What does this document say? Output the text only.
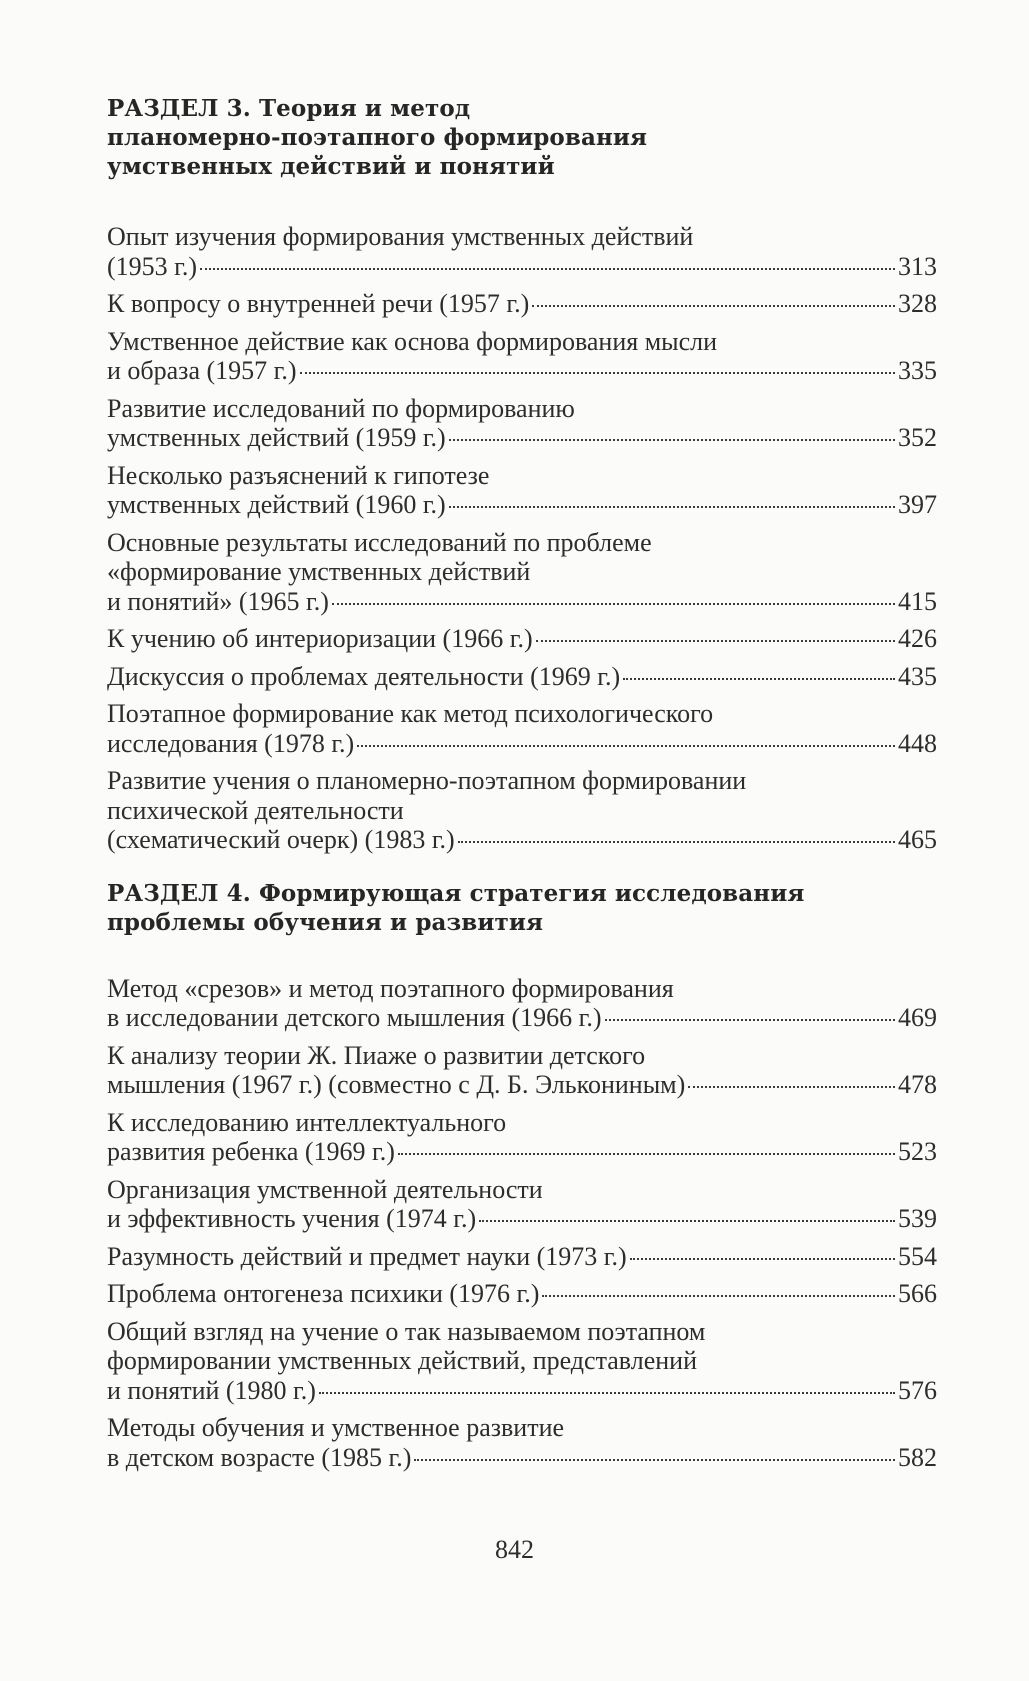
РАЗДЕЛ 3. Теория и метод
планомерно-поэтапного формирования
умственных действий и понятий
Опыт изучения формирования умственных действий
(1953 г.)	313
К вопросу о внутренней речи (1957 г.)	328
Умственное действие как основа формирования мысли
и образа (1957 г.)	335
Развитие исследований по формированию
умственных действий (1959 г.)	352
Несколько разъяснений к гипотезе
умственных действий (1960 г.)	397
Основные результаты исследований по проблеме
«формирование умственных действий
и понятий» (1965 г.)	415
К учению об интериоризации (1966 г.)	426
Дискуссия о проблемах деятельности (1969 г.)	435
Поэтапное формирование как метод психологического
исследования (1978 г.)	448
Развитие учения о планомерно-поэтапном формировании
психической деятельности
(схематический очерк) (1983 г.)	465
РАЗДЕЛ 4. Формирующая стратегия исследования
проблемы обучения и развития
Метод «срезов» и метод поэтапного формирования
в исследовании детского мышления (1966 г.)	469
К анализу теории Ж. Пиаже о развитии детского
мышления (1967 г.) (совместно с Д. Б. Элькониным)	478
К исследованию интеллектуального
развития ребенка (1969 г.)	523
Организация умственной деятельности
и эффективность учения (1974 г.)	539
Разумность действий и предмет науки (1973 г.)	554
Проблема онтогенеза психики (1976 г.)	566
Общий взгляд на учение о так называемом поэтапном
формировании умственных действий, представлений
и понятий (1980 г.)	576
Методы обучения и умственное развитие
в детском возрасте (1985 г.)	582
842
